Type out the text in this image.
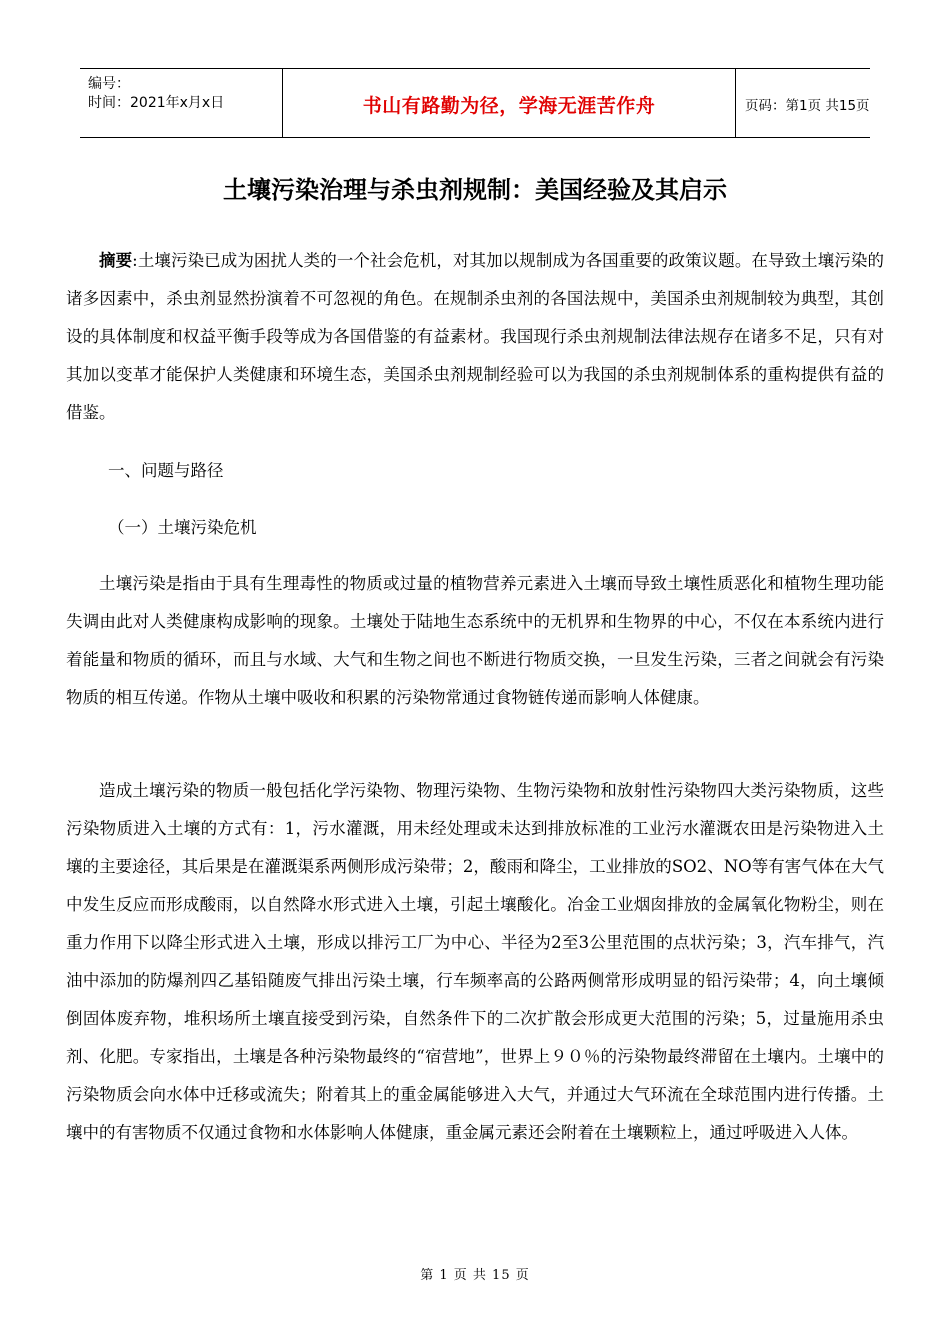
编号：
时间：2021年x月x日	书山有路勤为径，学海无涯苦作舟	页码：第1页 共15页
土壤污染治理与杀虫剂规制：美国经验及其启示

摘要:土壤污染已成为困扰人类的一个社会危机，对其加以规制成为各国重要的政策议题。在导致土壤污染的诸多因素中，杀虫剂显然扮演着不可忽视的角色。在规制杀虫剂的各国法规中，美国杀虫剂规制较为典型，其创设的具体制度和权益平衡手段等成为各国借鉴的有益素材。我国现行杀虫剂规制法律法规存在诸多不足，只有对其加以变革才能保护人类健康和环境生态，美国杀虫剂规制经验可以为我国的杀虫剂规制体系的重构提供有益的借鉴。

一、问题与路径
（一）土壤污染危机

土壤污染是指由于具有生理毒性的物质或过量的植物营养元素进入土壤而导致土壤性质恶化和植物生理功能失调由此对人类健康构成影响的现象。土壤处于陆地生态系统中的无机界和生物界的中心，不仅在本系统内进行着能量和物质的循环，而且与水域、大气和生物之间也不断进行物质交换，一旦发生污染，三者之间就会有污染物质的相互传递。作物从土壤中吸收和积累的污染物常通过食物链传递而影响人体健康。

造成土壤污染的物质一般包括化学污染物、物理污染物、生物污染物和放射性污染物四大类污染物质，这些污染物质进入土壤的方式有：1，污水灌溉，用未经处理或未达到排放标准的工业污水灌溉农田是污染物进入土壤的主要途径，其后果是在灌溉渠系两侧形成污染带；2，酸雨和降尘，工业排放的SO2、NO等有害气体在大气中发生反应而形成酸雨，以自然降水形式进入土壤，引起土壤酸化。冶金工业烟囱排放的金属氧化物粉尘，则在重力作用下以降尘形式进入土壤，形成以排污工厂为中心、半径为2至3公里范围的点状污染；3，汽车排气，汽油中添加的防爆剂四乙基铅随废气排出污染土壤，行车频率高的公路两侧常形成明显的铅污染带；4，向土壤倾倒固体废弃物，堆积场所土壤直接受到污染，自然条件下的二次扩散会形成更大范围的污染；5，过量施用杀虫剂、化肥。专家指出，土壤是各种污染物最终的“宿营地”，世界上９０％的污染物最终滞留在土壤内。土壤中的污染物质会向水体中迁移或流失；附着其上的重金属能够进入大气，并通过大气环流在全球范围内进行传播。土壤中的有害物质不仅通过食物和水体影响人体健康，重金属元素还会附着在土壤颗粒上，通过呼吸进入人体。

第 1 页 共 15 页
